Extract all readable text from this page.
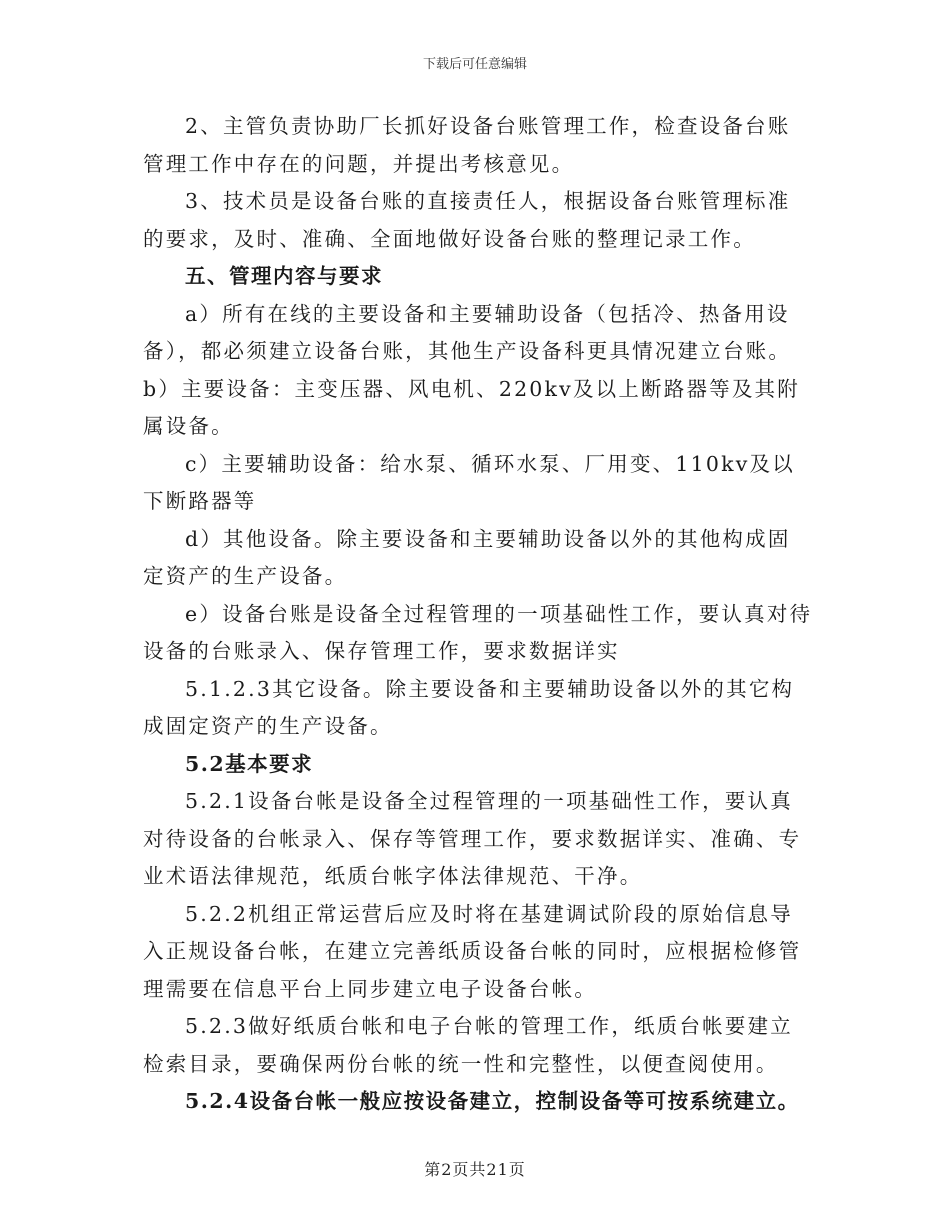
下载后可任意编辑

2、主管负责协助厂长抓好设备台账管理工作，检查设备台账管理工作中存在的问题，并提出考核意见。

3、技术员是设备台账的直接责任人，根据设备台账管理标准的要求，及时、准确、全面地做好设备台账的整理记录工作。

五、管理内容与要求

a）所有在线的主要设备和主要辅助设备（包括冷、热备用设备），都必须建立设备台账，其他生产设备科更具情况建立台账。b）主要设备：主变压器、风电机、220kv及以上断路器等及其附属设备。

c）主要辅助设备：给水泵、循环水泵、厂用变、110kv及以下断路器等

d）其他设备。除主要设备和主要辅助设备以外的其他构成固定资产的生产设备。

e）设备台账是设备全过程管理的一项基础性工作，要认真对待设备的台账录入、保存管理工作，要求数据详实

5.1.2.3其它设备。除主要设备和主要辅助设备以外的其它构成固定资产的生产设备。

5.2基本要求

5.2.1设备台帐是设备全过程管理的一项基础性工作，要认真对待设备的台帐录入、保存等管理工作，要求数据详实、准确、专业术语法律规范，纸质台帐字体法律规范、干净。

5.2.2机组正常运营后应及时将在基建调试阶段的原始信息导入正规设备台帐，在建立完善纸质设备台帐的同时，应根据检修管理需要在信息平台上同步建立电子设备台帐。

5.2.3做好纸质台帐和电子台帐的管理工作，纸质台帐要建立检索目录，要确保两份台帐的统一性和完整性，以便查阅使用。

5.2.4设备台帐一般应按设备建立，控制设备等可按系统建立。

第2页共21页
